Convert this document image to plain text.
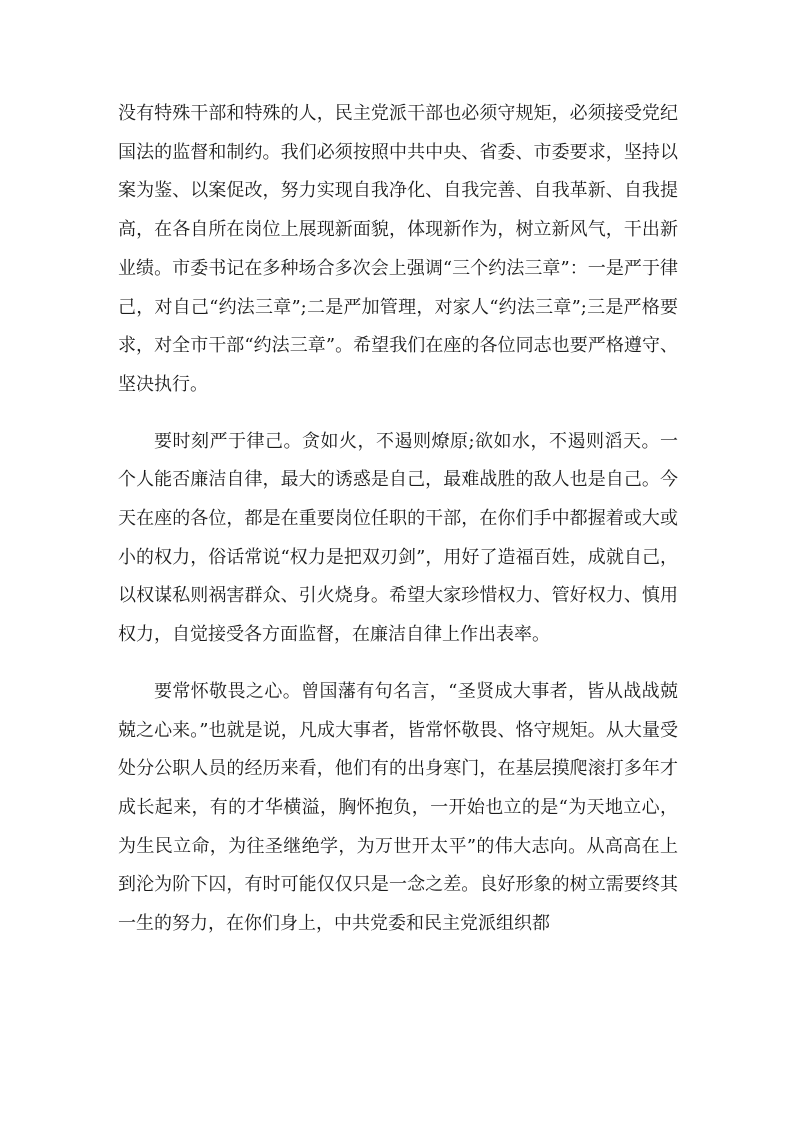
没有特殊干部和特殊的人，民主党派干部也必须守规矩，必须接受党纪国法的监督和制约。我们必须按照中共中央、省委、市委要求，坚持以案为鉴、以案促改，努力实现自我净化、自我完善、自我革新、自我提高，在各自所在岗位上展现新面貌，体现新作为，树立新风气，干出新业绩。市委书记在多种场合多次会上强调“三个约法三章”：一是严于律己，对自己“约法三章”;二是严加管理，对家人“约法三章”;三是严格要求，对全市干部“约法三章”。希望我们在座的各位同志也要严格遵守、坚决执行。

要时刻严于律己。贪如火，不遏则燎原;欲如水，不遏则滔天。一个人能否廉洁自律，最大的诱惑是自己，最难战胜的敌人也是自己。今天在座的各位，都是在重要岗位任职的干部，在你们手中都握着或大或小的权力，俗话常说“权力是把双刃剑”，用好了造福百姓，成就自己，以权谋私则祸害群众、引火烧身。希望大家珍惜权力、管好权力、慎用权力，自觉接受各方面监督，在廉洁自律上作出表率。

要常怀敬畏之心。曾国藩有句名言，“圣贤成大事者，皆从战战兢兢之心来。”也就是说，凡成大事者，皆常怀敬畏、恪守规矩。从大量受处分公职人员的经历来看，他们有的出身寒门，在基层摸爬滚打多年才成长起来，有的才华横溢，胸怀抱负，一开始也立的是“为天地立心，为生民立命，为往圣继绝学，为万世开太平”的伟大志向。从高高在上到沦为阶下囚，有时可能仅仅只是一念之差。良好形象的树立需要终其一生的努力，在你们身上，中共党委和民主党派组织都
